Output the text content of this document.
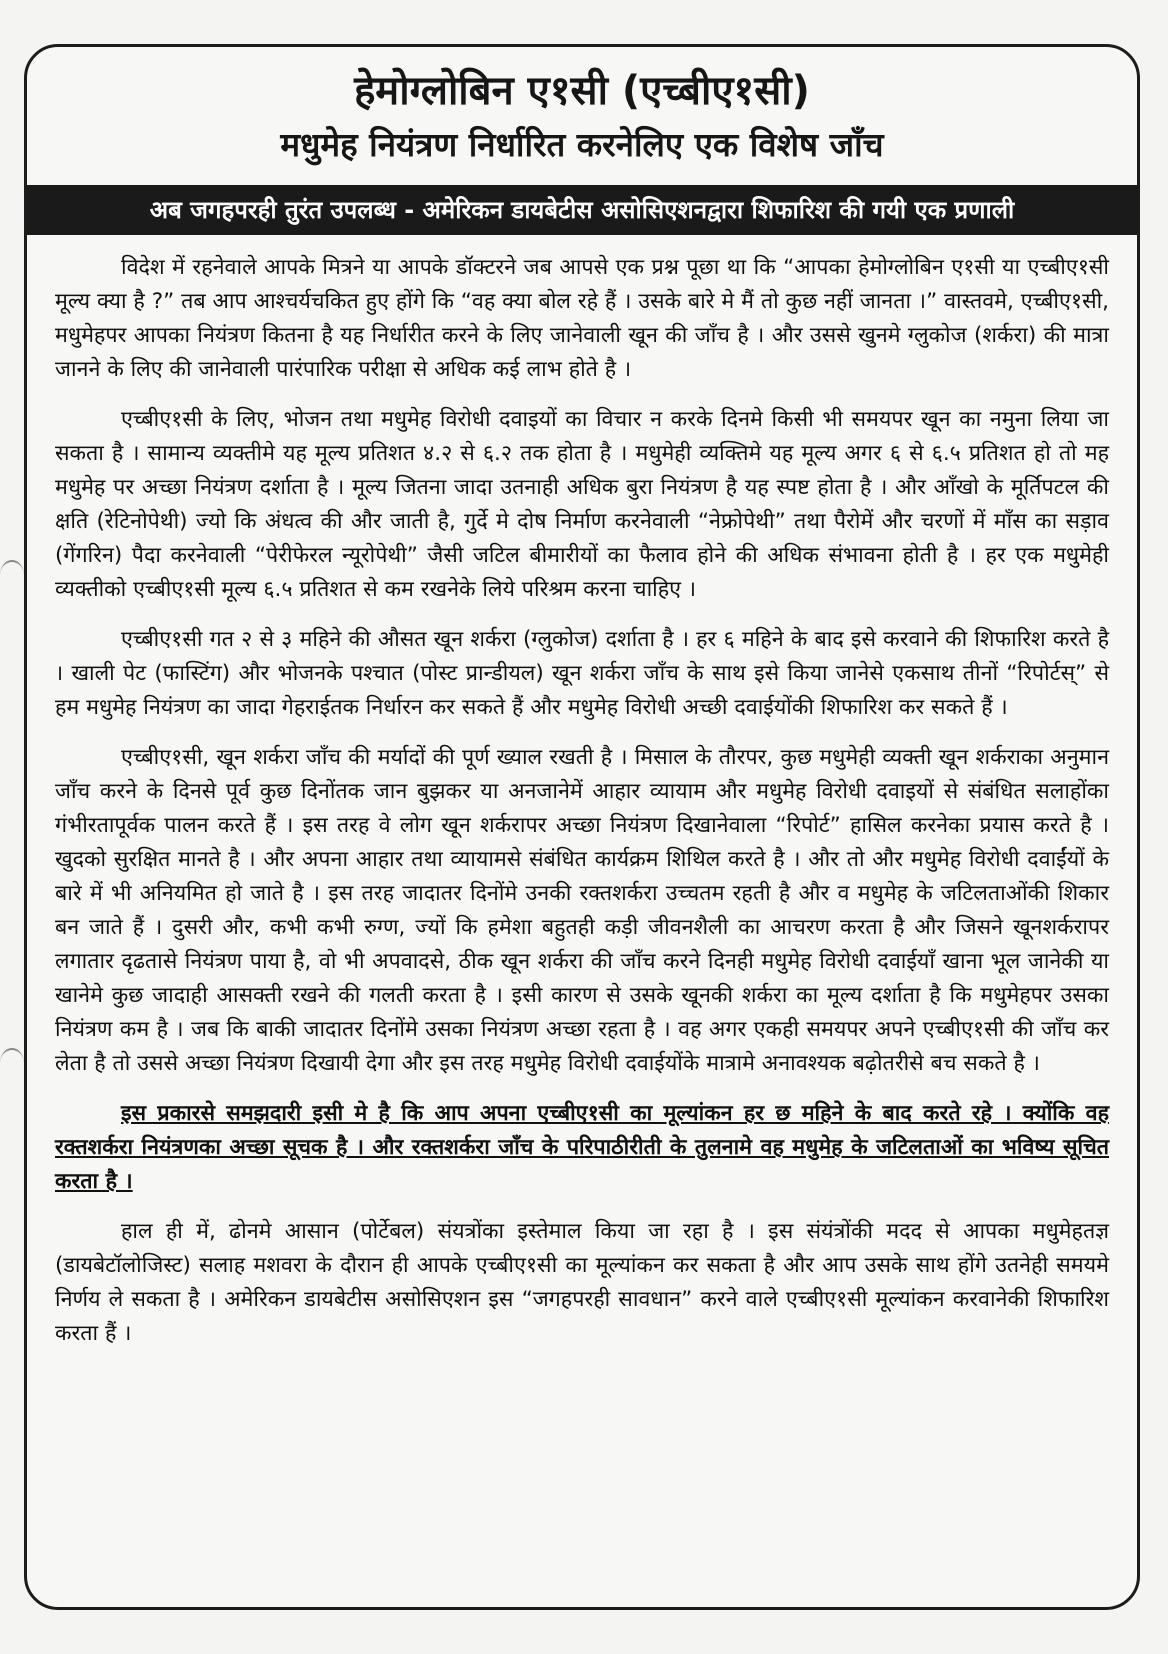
हेमोग्लोबिन ए१सी (एच्बीए१सी)
मधुमेह नियंत्रण निर्धारित करनेलिए एक विशेष जाँच
अब जगहपरही तुरंत उपलब्ध - अमेरिकन डायबेटीस असोसिएशनद्वारा शिफारिश की गयी एक प्रणाली

विदेश में रहनेवाले आपके मित्रने या आपके डॉक्टरने जब आपसे एक प्रश्न पूछा था कि “आपका हेमोग्लोबिन ए१सी या एच्बीए१सी मूल्य क्या है ?” तब आप आश्चर्यचकित हुए होंगे कि “वह क्या बोल रहे हैं । उसके बारे मे मैं तो कुछ नहीं जानता ।” वास्तवमे, एच्बीए१सी, मधुमेहपर आपका नियंत्रण कितना है यह निर्धारीत करने के लिए जानेवाली खून की जाँच है । और उससे खुनमे ग्लुकोज (शर्करा) की मात्रा जानने के लिए की जानेवाली पारंपारिक परीक्षा से अधिक कई लाभ होते है ।

एच्बीए१सी के लिए, भोजन तथा मधुमेह विरोधी दवाइयों का विचार न करके दिनमे किसी भी समयपर खून का नमुना लिया जा सकता है । सामान्य व्यक्तीमे यह मूल्य प्रतिशत ४.२ से ६.२ तक होता है । मधुमेही व्यक्तिमे यह मूल्य अगर ६ से ६.५ प्रतिशत हो तो मह मधुमेह पर अच्छा नियंत्रण दर्शाता है । मूल्य जितना जादा उतनाही अधिक बुरा नियंत्रण है यह स्पष्ट होता है । और आँखो के मूर्तिपटल की क्षति (रेटिनोपेथी) ज्यो कि अंधत्व की और जाती है, गुर्दे मे दोष निर्माण करनेवाली “नेफ्रोपेथी” तथा पैरोमें और चरणों में माँस का सड़ाव (गेंगरिन) पैदा करनेवाली “पेरीफेरल न्यूरोपेथी” जैसी जटिल बीमारीयों का फैलाव होने की अधिक संभावना होती है । हर एक मधुमेही व्यक्तीको एच्बीए१सी मूल्य ६.५ प्रतिशत से कम रखनेके लिये परिश्रम करना चाहिए ।

एच्बीए१सी गत २ से ३ महिने की औसत खून शर्करा (ग्लुकोज) दर्शाता है । हर ६ महिने के बाद इसे करवाने की शिफारिश करते है । खाली पेट (फास्टिंग) और भोजनके पश्चात (पोस्ट प्रान्डीयल) खून शर्करा जाँच के साथ इसे किया जानेसे एकसाथ तीनों “रिपोर्टस्” से हम मधुमेह नियंत्रण का जादा गेहराईतक निर्धारन कर सकते हैं और मधुमेह विरोधी अच्छी दवाईयोंकी शिफारिश कर सकते हैं ।

एच्बीए१सी, खून शर्करा जाँच की मर्यादों की पूर्ण ख्याल रखती है । मिसाल के तौरपर, कुछ मधुमेही व्यक्ती खून शर्कराका अनुमान जाँच करने के दिनसे पूर्व कुछ दिनोंतक जान बुझकर या अनजानेमें आहार व्यायाम और मधुमेह विरोधी दवाइयों से संबंधित सलाहोंका गंभीरतापूर्वक पालन करते हैं । इस तरह वे लोग खून शर्करापर अच्छा नियंत्रण दिखानेवाला “रिपोर्ट” हासिल करनेका प्रयास करते है । खुदको सुरक्षित मानते है । और अपना आहार तथा व्यायामसे संबंधित कार्यक्रम शिथिल करते है । और तो और मधुमेह विरोधी दवाईंयों के बारे में भी अनियमित हो जाते है । इस तरह जादातर दिनोंमे उनकी रक्तशर्करा उच्चतम रहती है और व मधुमेह के जटिलताओंकी शिकार बन जाते हैं । दुसरी और, कभी कभी रुग्ण, ज्यों कि हमेशा बहुतही कड़ी जीवनशैली का आचरण करता है और जिसने खूनशर्करापर लगातार दृढतासे नियंत्रण पाया है, वो भी अपवादसे, ठीक खून शर्करा की जाँच करने दिनही मधुमेह विरोधी दवाईयाँ खाना भूल जानेकी या खानेमे कुछ जादाही आसक्ती रखने की गलती करता है । इसी कारण से उसके खूनकी शर्करा का मूल्य दर्शाता है कि मधुमेहपर उसका नियंत्रण कम है । जब कि बाकी जादातर दिनोंमे उसका नियंत्रण अच्छा रहता है । वह अगर एकही समयपर अपने एच्बीए१सी की जाँच कर लेता है तो उससे अच्छा नियंत्रण दिखायी देगा और इस तरह मधुमेह विरोधी दवाईयोंके मात्रामे अनावश्यक बढ़ोतरीसे बच सकते है ।

इस प्रकारसे समझदारी इसी मे है कि आप अपना एच्बीए१सी का मूल्यांकन हर छ महिने के बाद करते रहे । क्योंकि वह रक्तशर्करा नियंत्रणका अच्छा सूचक है । और रक्तशर्करा जाँच के परिपाठीरीती के तुलनामे वह मधुमेह के जटिलताओं का भविष्य सूचित करता है ।

हाल ही में, ढोनमे आसान (पोर्टेबल) संयत्रोंका इस्तेमाल किया जा रहा है । इस संयंत्रोंकी मदद से आपका मधुमेहतज्ञ (डायबेटॉलोजिस्ट) सलाह मशवरा के दौरान ही आपके एच्बीए१सी का मूल्यांकन कर सकता है और आप उसके साथ होंगे उतनेही समयमे निर्णय ले सकता है । अमेरिकन डायबेटीस असोसिएशन इस “जगहपरही सावधान” करने वाले एच्बीए१सी मूल्यांकन करवानेकी शिफारिश करता हैं ।
